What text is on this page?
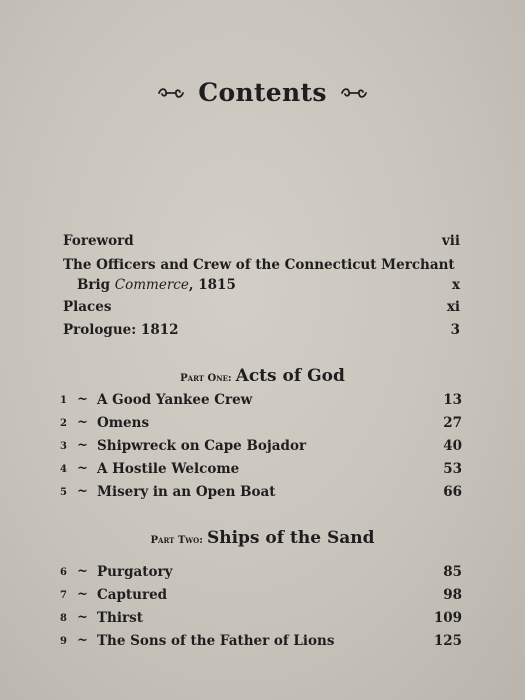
Contents
Foreword	vii
The Officers and Crew of the Connecticut Merchant
Brig Commerce, 1815	x
Places	xi
Prologue: 1812	3
Part One: Acts of God
1 ~ A Good Yankee Crew	13
2 ~ Omens	27
3 ~ Shipwreck on Cape Bojador	40
4 ~ A Hostile Welcome	53
5 ~ Misery in an Open Boat	66
Part Two: Ships of the Sand
6 ~ Purgatory	85
7 ~ Captured	98
8 ~ Thirst	109
9 ~ The Sons of the Father of Lions	125
